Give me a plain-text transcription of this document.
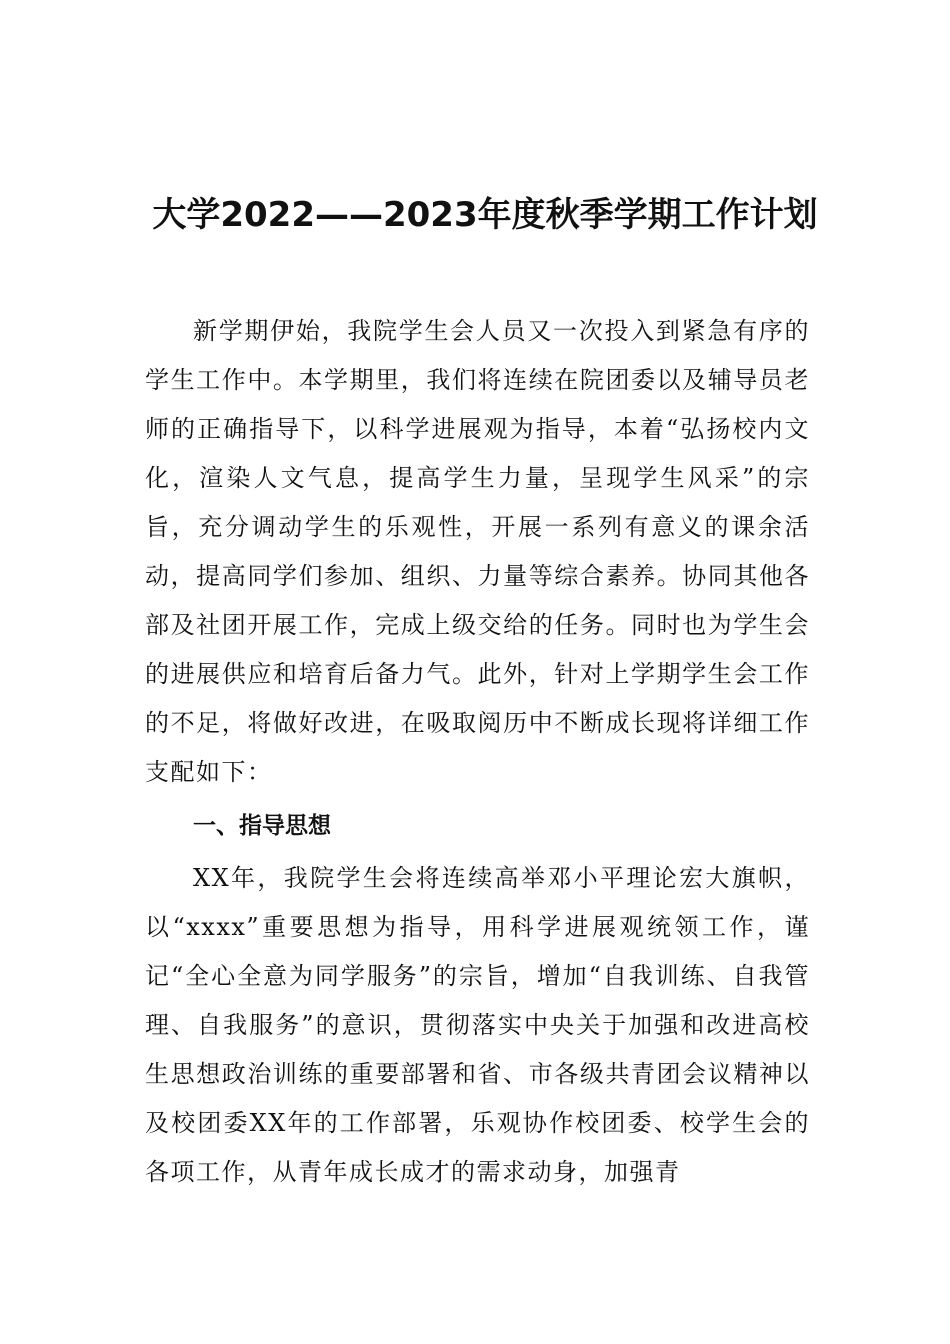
大学2022——2023年度秋季学期工作计划

新学期伊始，我院学生会人员又一次投入到紧急有序的学生工作中。本学期里，我们将连续在院团委以及辅导员老师的正确指导下，以科学进展观为指导，本着“弘扬校内文化，渲染人文气息，提高学生力量，呈现学生风采”的宗旨，充分调动学生的乐观性，开展一系列有意义的课余活动，提高同学们参加、组织、力量等综合素养。协同其他各部及社团开展工作，完成上级交给的任务。同时也为学生会的进展供应和培育后备力气。此外，针对上学期学生会工作的不足，将做好改进，在吸取阅历中不断成长现将详细工作支配如下：

一、指导思想

XX年，我院学生会将连续高举邓小平理论宏大旗帜，以“xxxx”重要思想为指导，用科学进展观统领工作，谨记“全心全意为同学服务”的宗旨，增加“自我训练、自我管理、自我服务”的意识，贯彻落实中央关于加强和改进高校生思想政治训练的重要部署和省、市各级共青团会议精神以及校团委XX年的工作部署，乐观协作校团委、校学生会的各项工作，从青年成长成才的需求动身，加强青
